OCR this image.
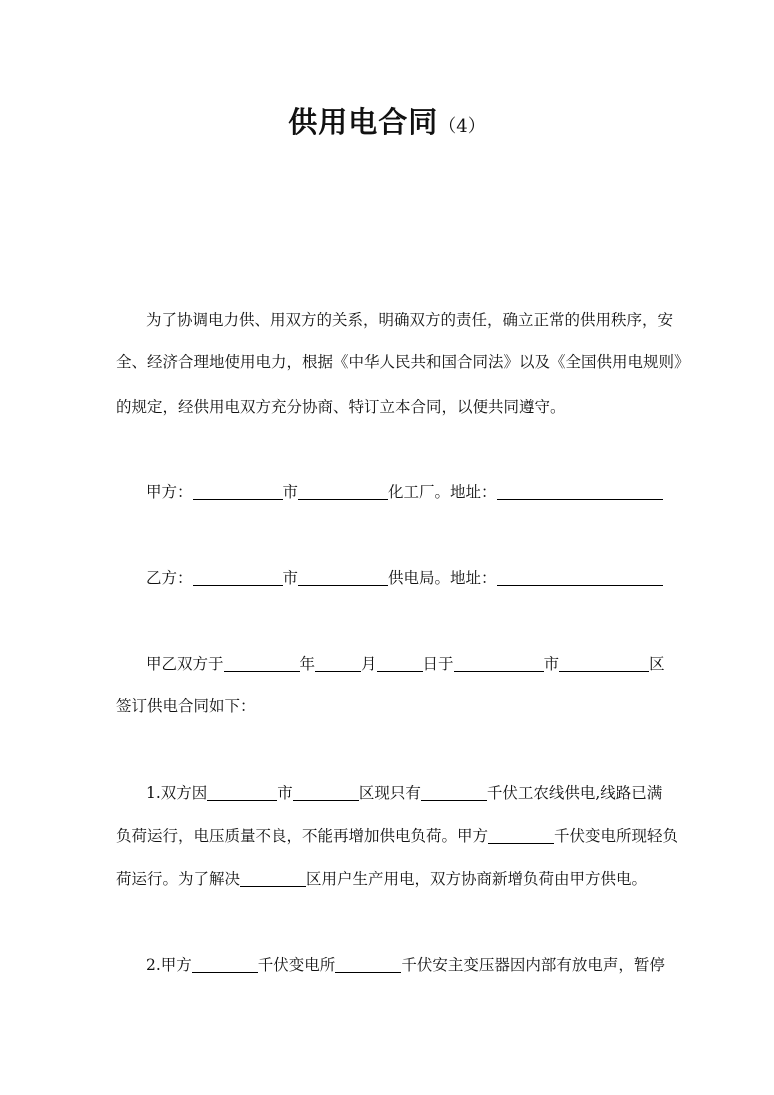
供用电合同（4）
为了协调电力供、用双方的关系，明确双方的责任，确立正常的供用秩序，安
全、经济合理地使用电力，根据《中华人民共和国合同法》以及《全国供用电规则》
的规定，经供用电双方充分协商、特订立本合同，以便共同遵守。
甲方：	市	化工厂。地址：
乙方：	市	供电局。地址：
甲乙双方于	年	月	日于	市	区
签订供电合同如下：
1.双方因	市	区现只有	千伏工农线供电,线路已满
负荷运行，电压质量不良，不能再增加供电负荷。甲方	千伏变电所现轻负
荷运行。为了解决	区用户生产用电，双方协商新增负荷由甲方供电。
2.甲方	千伏变电所	千伏安主变压器因内部有放电声，暂停
